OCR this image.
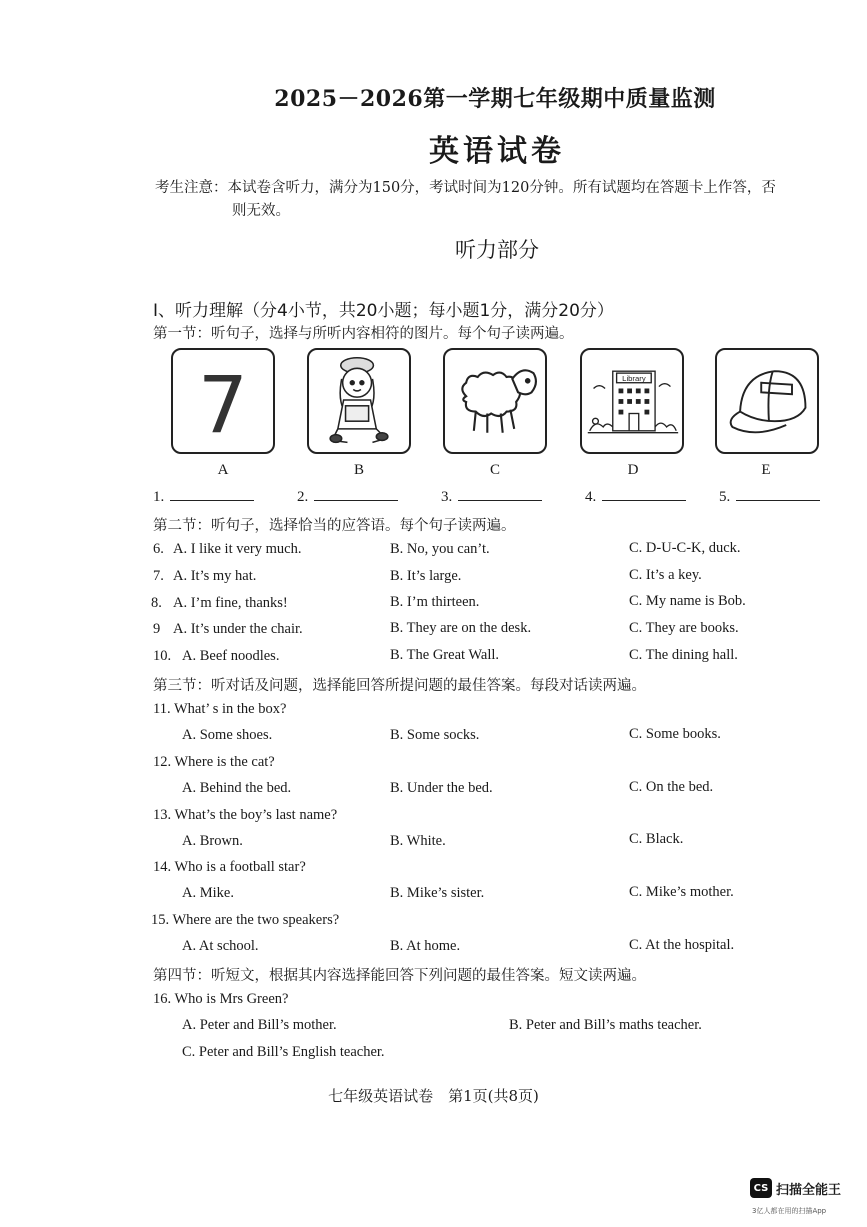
2025－2026第一学期七年级期中质量监测
英语试卷
考生注意：本试卷含听力，满分为150分，考试时间为120分钟。所有试题均在答题卡上作答，否
则无效。
听力部分
Ⅰ、听力理解（分4小节，共20小题；每小题1分，满分20分）
第一节：听句子，选择与所听内容相符的图片。每个句子读两遍。
7	Library
A	B	C	D	E
1.	2.	3.	4.	5.
第二节：听句子，选择恰当的应答语。每个句子读两遍。
6. A. I like it very much.	B. No, you can’t.	C. D-U-C-K, duck.
7. A. It’s my hat.	B. It’s large.	C. It’s a key.
8. A. I’m fine, thanks!	B. I’m thirteen.	C. My name is Bob.
9 A. It’s under the chair.	B. They are on the desk.	C. They are books.
10. A. Beef noodles.	B. The Great Wall.	C. The dining hall.
第三节：听对话及问题，选择能回答所提问题的最佳答案。每段对话读两遍。
11. What’ s in the box?
A. Some shoes.	B. Some socks.	C. Some books.
12. Where is the cat?
A. Behind the bed.	B. Under the bed.	C. On the bed.
13. What’s the boy’s last name?
A. Brown.	B. White.	C. Black.
14. Who is a football star?
A. Mike.	B. Mike’s sister.	C. Mike’s mother.
15. Where are the two speakers?
A. At school.	B. At home.	C. At the hospital.
第四节：听短文，根据其内容选择能回答下列问题的最佳答案。短文读两遍。
16. Who is Mrs Green?
A. Peter and Bill’s mother.	B. Peter and Bill’s maths teacher.
C. Peter and Bill’s English teacher.
七年级英语试卷　第1页(共8页)
CS 扫描全能王
3亿人都在用的扫描App
